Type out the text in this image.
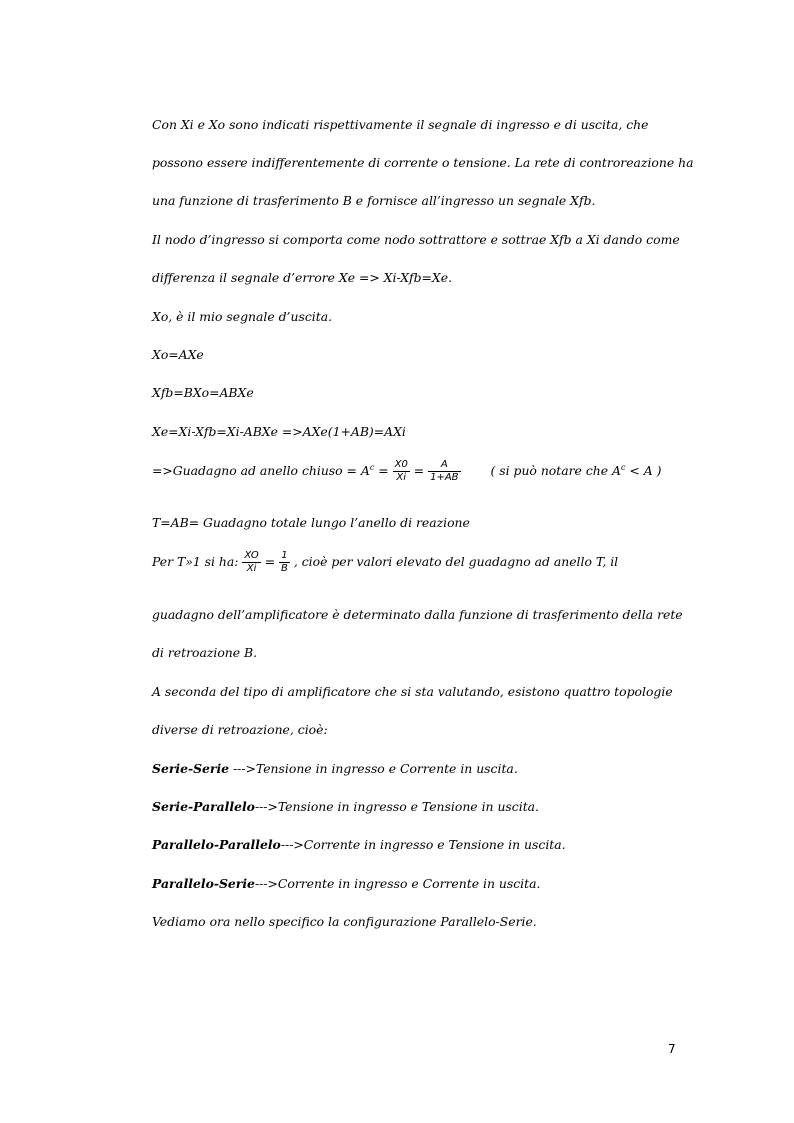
Con Xi e Xo sono indicati rispettivamente il segnale di ingresso e di uscita, che
possono essere indifferentemente di corrente o tensione. La rete di controreazione ha
una funzione di trasferimento B e fornisce all’ingresso un segnale Xfb.
Il nodo d’ingresso si comporta come nodo sottrattore e sottrae Xfb a Xi dando come
differenza il segnale d’errore Xe => Xi-Xfb=Xe.
Xo, è il mio segnale d’uscita.
Xo=AXe
Xfb=BXo=ABXe
Xe=Xi-Xfb=Xi-ABXe =>AXe(1+AB)=AXi
=>Guadagno ad anello chiuso = $A^c = \frac{X0}{Xi} = \frac{A}{1+AB}$ ( si può notare che $A^c < A$ )
T=AB= Guadagno totale lungo l’anello di reazione
Per T»1 si ha: $\frac{XO}{Xi} = \frac{1}{B}$ , cioè per valori elevato del guadagno ad anello T, il
guadagno dell’amplificatore è determinato dalla funzione di trasferimento della rete
di retroazione B.
A seconda del tipo di amplificatore che si sta valutando, esistono quattro topologie
diverse di retroazione, cioè:
Serie-Serie --->Tensione in ingresso e Corrente in uscita.
Serie-Parallelo--->Tensione in ingresso e Tensione in uscita.
Parallelo-Parallelo--->Corrente in ingresso e Tensione in uscita.
Parallelo-Serie--->Corrente in ingresso e Corrente in uscita.
Vediamo ora nello specifico la configurazione Parallelo-Serie.
7
